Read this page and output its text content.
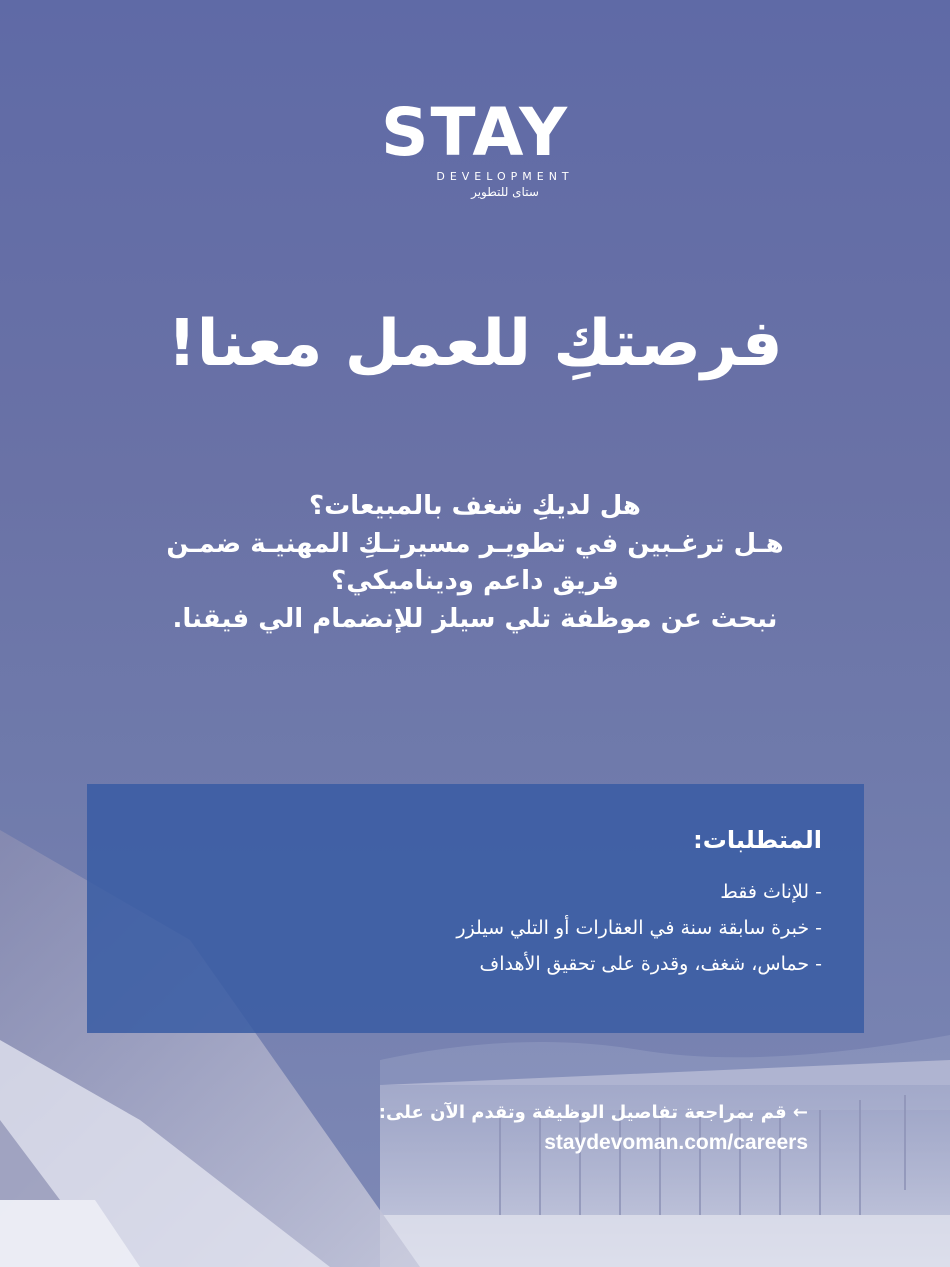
STAY
DEVELOPMENT
ستاى للتطوير
فرصتكِ للعمل معنا!
هل لديكِ شغف بالمبيعات؟
هـل ترغـبين في تطويـر مسيرتـكِ المهنيـة ضمـن
فريق داعم وديناميكي؟
نبحث عن موظفة تلي سيلز للإنضمام الي فيقنا.
المتطلبات:
- للإناث فقط
- خبرة سابقة سنة في العقارات أو التلي سيلزر
- حماس، شغف، وقدرة على تحقيق الأهداف
← قم بمراجعة تفاصيل الوظيفة وتقدم الآن على:
staydevoman.com/careers
